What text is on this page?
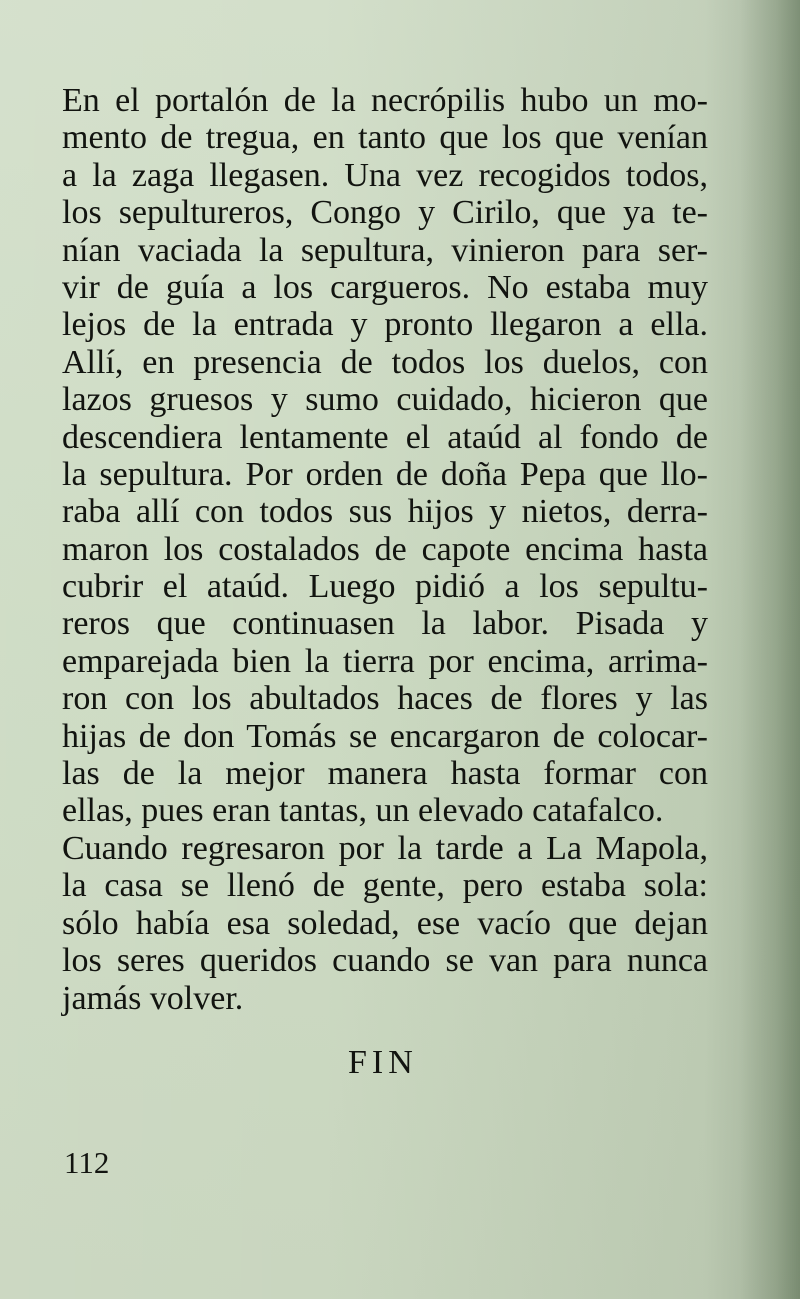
En el portalón de la necrópilis hubo un mo-
mento de tregua, en tanto que los que venían
a la zaga llegasen. Una vez recogidos todos,
los sepultureros, Congo y Cirilo, que ya te-
nían vaciada la sepultura, vinieron para ser-
vir de guía a los cargueros. No estaba muy
lejos de la entrada y pronto llegaron a ella.
Allí, en presencia de todos los duelos, con
lazos gruesos y sumo cuidado, hicieron que
descendiera lentamente el ataúd al fondo de
la sepultura. Por orden de doña Pepa que llo-
raba allí con todos sus hijos y nietos, derra-
maron los costalados de capote encima hasta
cubrir el ataúd. Luego pidió a los sepultu-
reros que continuasen la labor. Pisada y
emparejada bien la tierra por encima, arrima-
ron con los abultados haces de flores y las
hijas de don Tomás se encargaron de colocar-
las de la mejor manera hasta formar con
ellas, pues eran tantas, un elevado catafalco.
Cuando regresaron por la tarde a La Mapola,
la casa se llenó de gente, pero estaba sola:
sólo había esa soledad, ese vacío que dejan
los seres queridos cuando se van para nunca
jamás volver.
FIN
112
